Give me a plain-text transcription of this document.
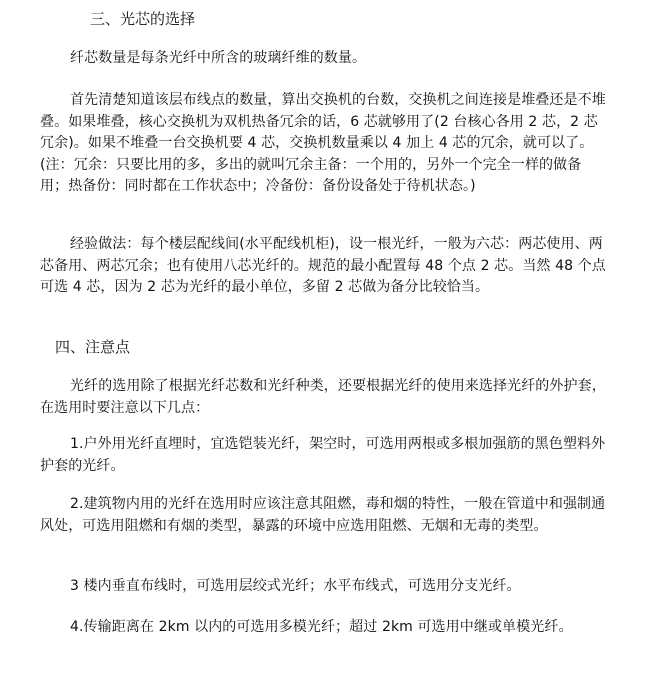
三、光芯的选择

纤芯数量是每条光纤中所含的玻璃纤维的数量。

首先清楚知道该层布线点的数量，算出交换机的台数，交换机之间连接是堆叠还是不堆叠。如果堆叠，核心交换机为双机热备冗余的话，6 芯就够用了(2 台核心各用 2 芯，2 芯冗余)。如果不堆叠一台交换机要 4 芯，交换机数量乘以 4 加上 4 芯的冗余，就可以了。(注：冗余：只要比用的多，多出的就叫冗余主备：一个用的，另外一个完全一样的做备用；热备份：同时都在工作状态中；冷备份：备份设备处于待机状态。)

经验做法：每个楼层配线间(水平配线机柜)，设一根光纤，一般为六芯：两芯使用、两芯备用、两芯冗余；也有使用八芯光纤的。规范的最小配置每 48 个点 2 芯。当然 48 个点可选 4 芯，因为 2 芯为光纤的最小单位，多留 2 芯做为备分比较恰当。

四、注意点

光纤的选用除了根据光纤芯数和光纤种类，还要根据光纤的使用来选择光纤的外护套，在选用时要注意以下几点：

1.户外用光纤直埋时，宜选铠装光纤，架空时，可选用两根或多根加强筋的黑色塑料外护套的光纤。

2.建筑物内用的光纤在选用时应该注意其阻燃，毒和烟的特性，一般在管道中和强制通风处，可选用阻燃和有烟的类型，暴露的环境中应选用阻燃、无烟和无毒的类型。

3 楼内垂直布线时，可选用层绞式光纤；水平布线式，可选用分支光纤。

4.传输距离在 2km 以内的可选用多模光纤；超过 2km 可选用中继或单模光纤。
